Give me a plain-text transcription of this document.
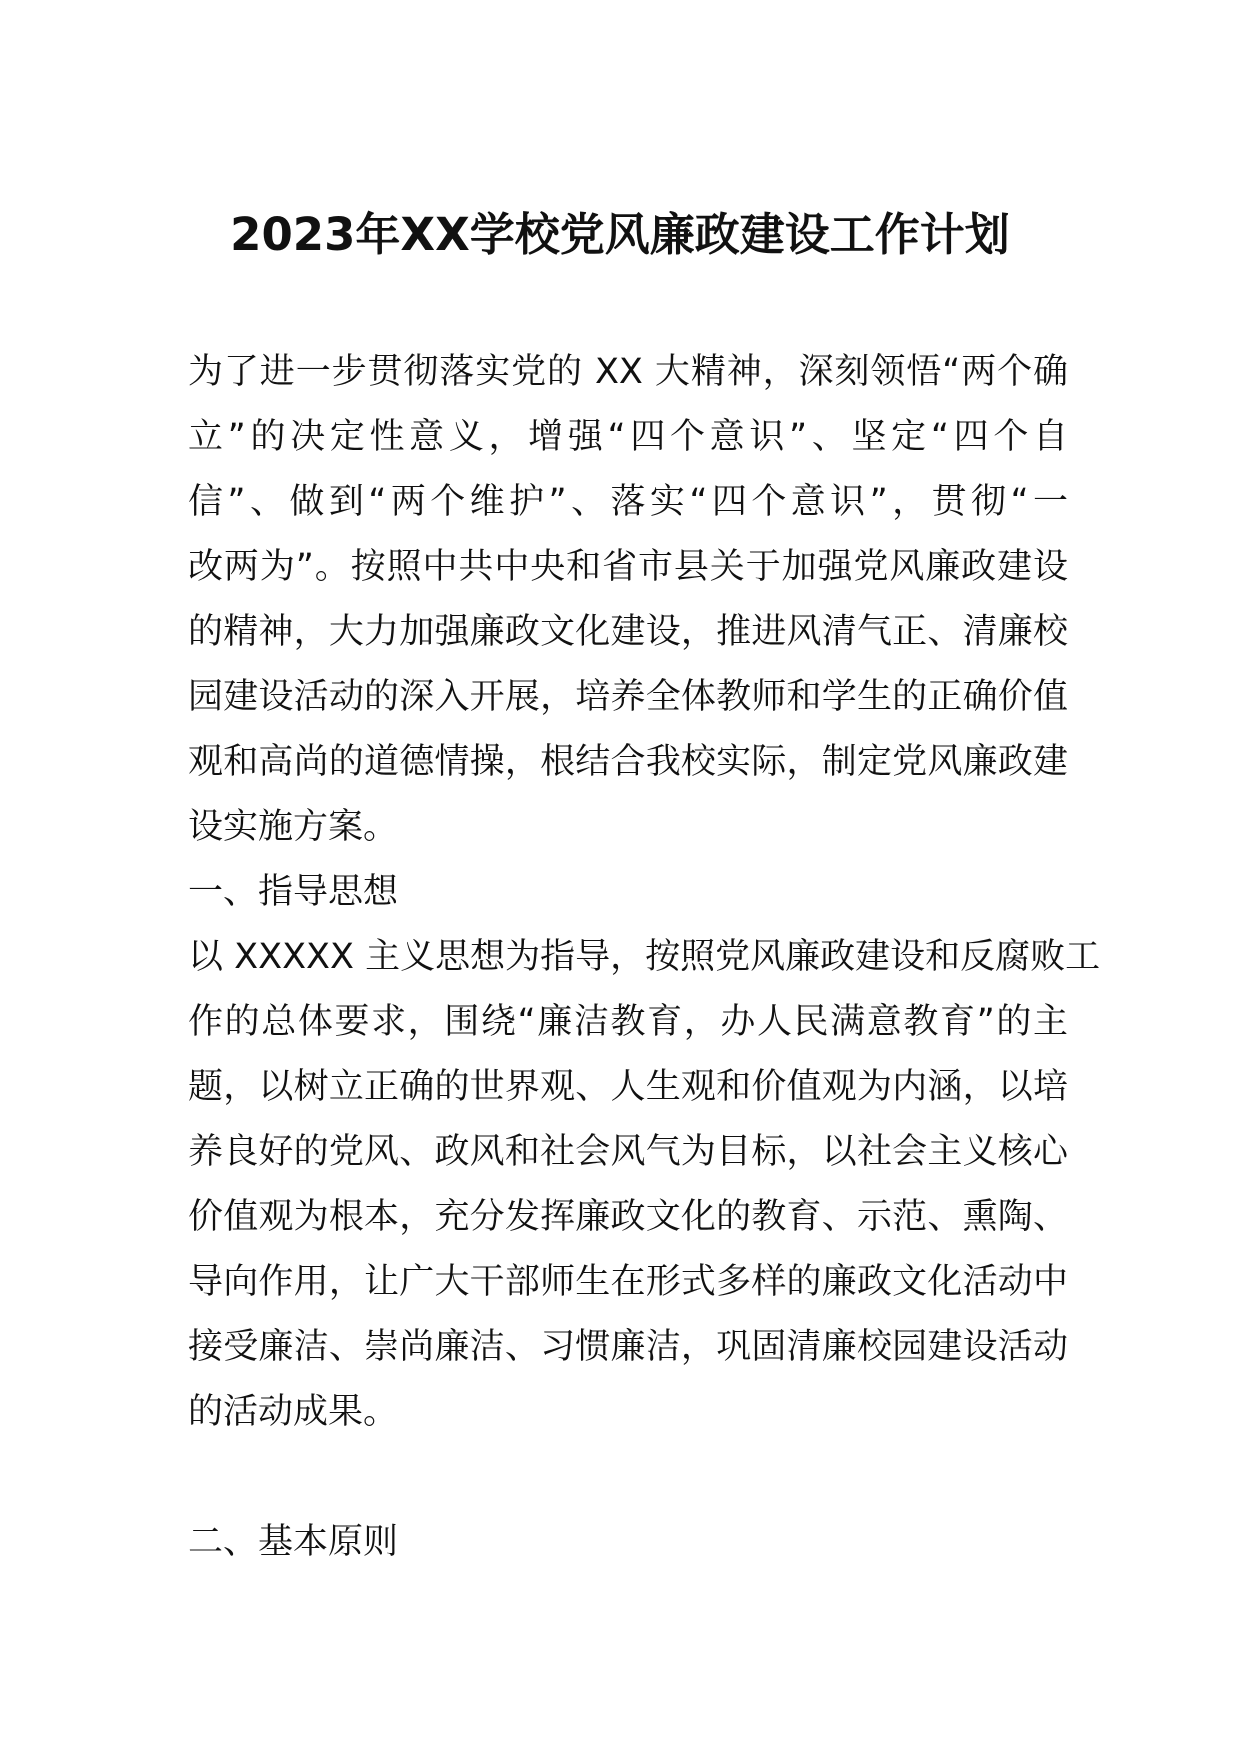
2023年XX学校党风廉政建设工作计划
为了进一步贯彻落实党的 XX 大精神，深刻领悟“两个确
立”的决定性意义，增强“四个意识”、坚定“四个自
信”、做到“两个维护”、落实“四个意识”，贯彻“一
改两为”。按照中共中央和省市县关于加强党风廉政建设
的精神，大力加强廉政文化建设，推进风清气正、清廉校
园建设活动的深入开展，培养全体教师和学生的正确价值
观和高尚的道德情操，根结合我校实际，制定党风廉政建
设实施方案。
一、指导思想
以 XXXXX 主义思想为指导，按照党风廉政建设和反腐败工
作的总体要求，围绕“廉洁教育，办人民满意教育”的主
题，以树立正确的世界观、人生观和价值观为内涵，以培
养良好的党风、政风和社会风气为目标，以社会主义核心
价值观为根本，充分发挥廉政文化的教育、示范、熏陶、
导向作用，让广大干部师生在形式多样的廉政文化活动中
接受廉洁、崇尚廉洁、习惯廉洁，巩固清廉校园建设活动
的活动成果。
二、基本原则
